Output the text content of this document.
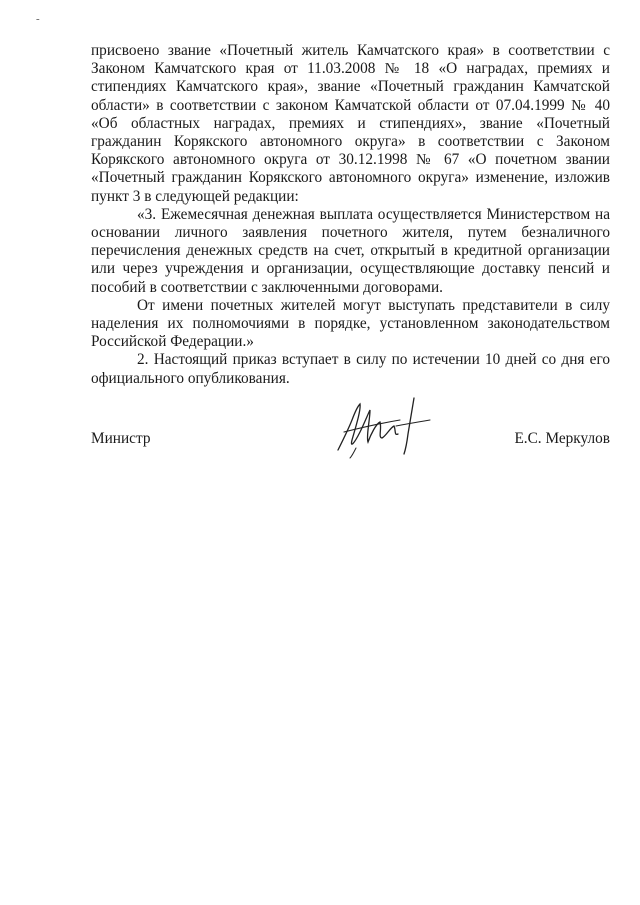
-

присвоено звание «Почетный житель Камчатского края» в соответствии с Законом Камчатского края от 11.03.2008 № 18 «О наградах, премиях и стипендиях Камчатского края», звание «Почетный гражданин Камчатской области» в соответствии с законом Камчатской области от 07.04.1999 № 40 «Об областных наградах, премиях и стипендиях», звание «Почетный гражданин Корякского автономного округа» в соответствии с Законом Корякского автономного округа от 30.12.1998 № 67 «О почетном звании «Почетный гражданин Корякского автономного округа» изменение, изложив пункт 3 в следующей редакции:

«3. Ежемесячная денежная выплата осуществляется Министерством на основании личного заявления почетного жителя, путем безналичного перечисления денежных средств на счет, открытый в кредитной организации или через учреждения и организации, осуществляющие доставку пенсий и пособий в соответствии с заключенными договорами.

От имени почетных жителей могут выступать представители в силу наделения их полномочиями в порядке, установленном законодательством Российской Федерации.»

2. Настоящий приказ вступает в силу по истечении 10 дней со дня его официального опубликования.

Министр	Е.С. Меркулов
